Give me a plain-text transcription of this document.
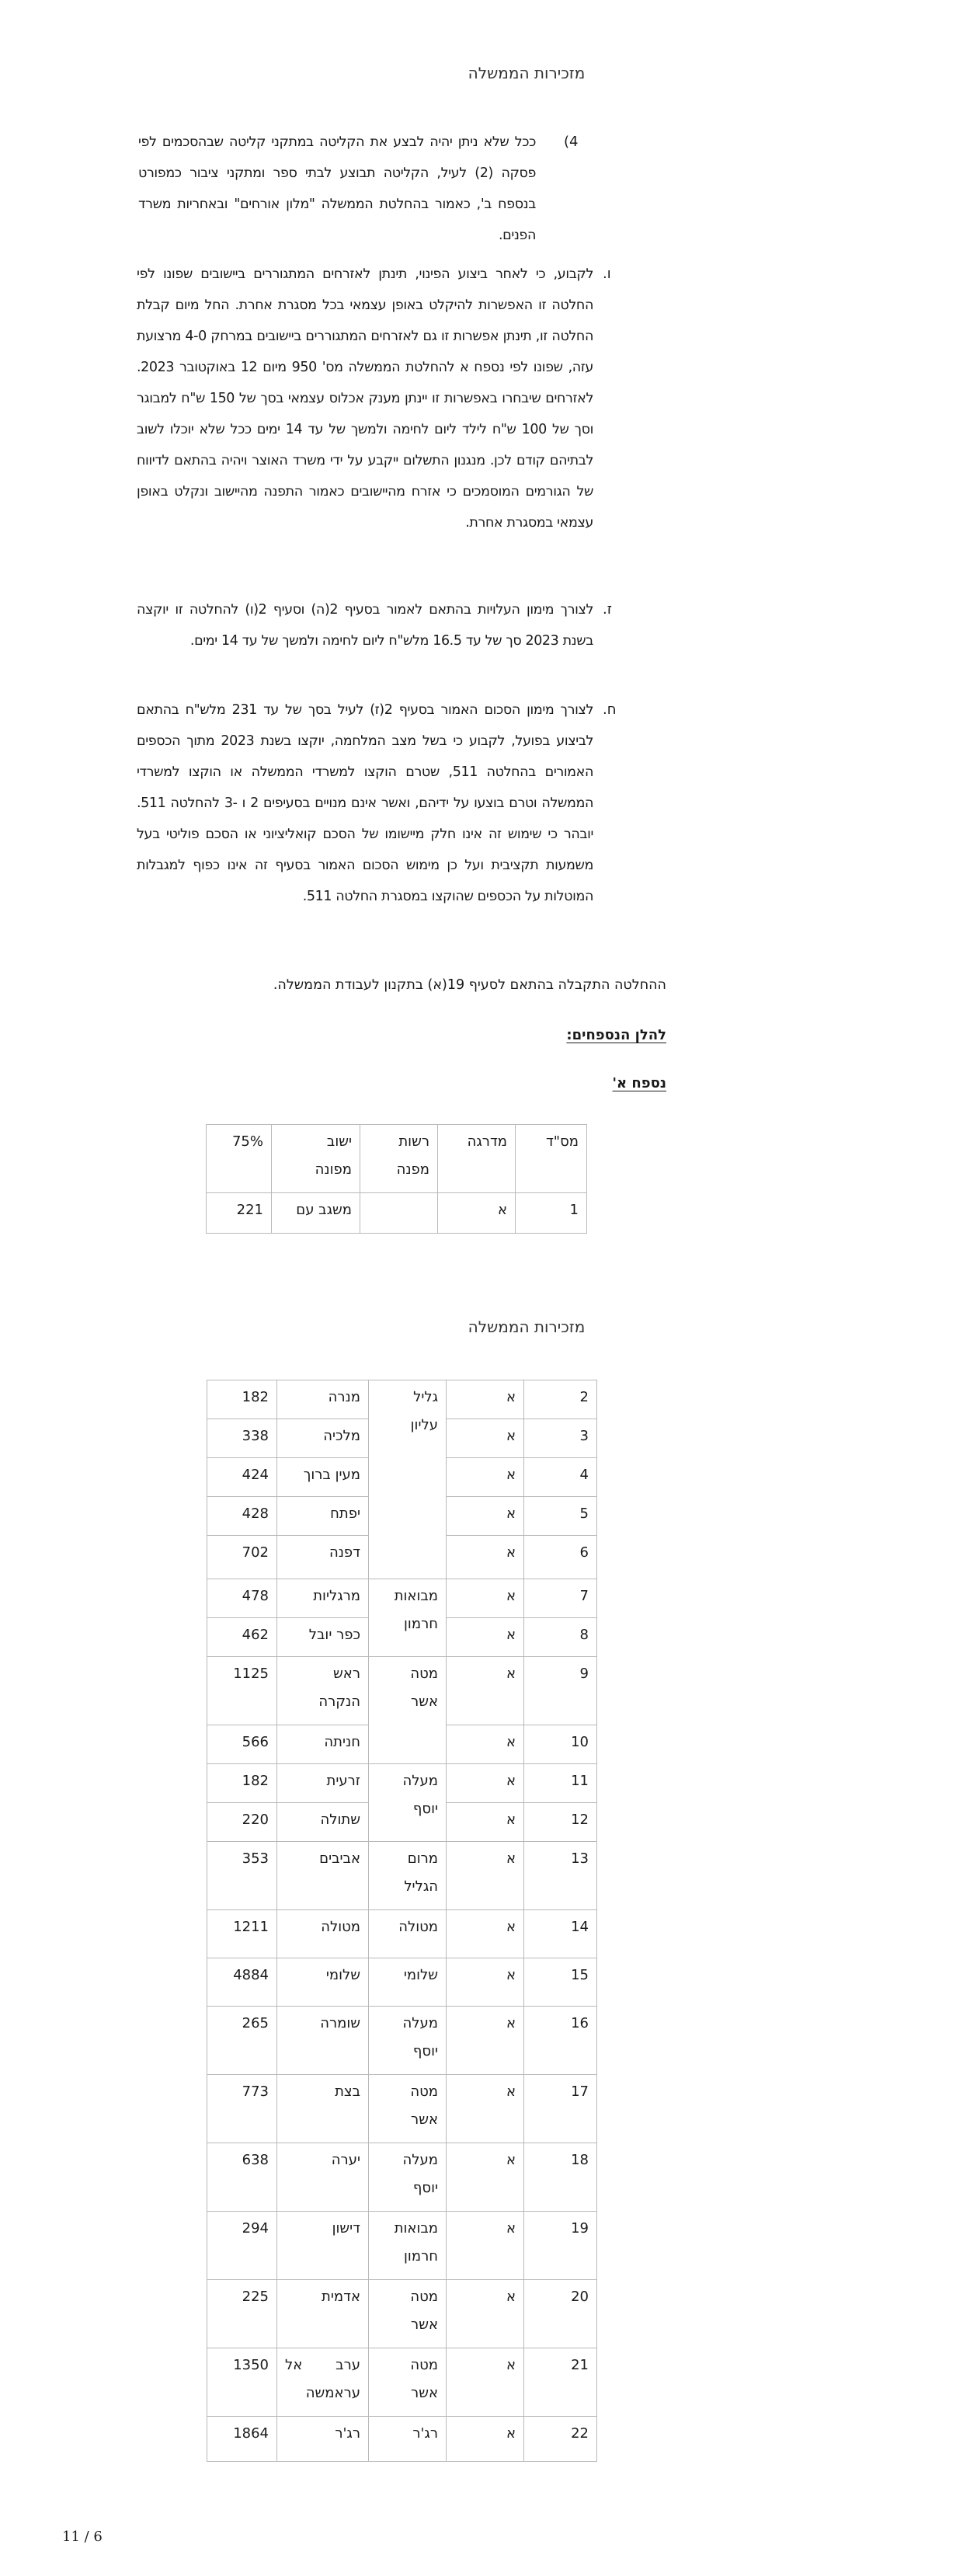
מזכירות הממשלה
4)
ככל שלא ניתן יהיה לבצע את הקליטה במתקני קליטה שבהסכמים לפי פסקה (2) לעיל, הקליטה תבוצע לבתי ספר ומתקני ציבור כמפורט בנספח ב', כאמור בהחלטת הממשלה "מלון אורחים" ובאחריות משרד הפנים.
ו.
לקבוע, כי לאחר ביצוע הפינוי, תינתן לאזרחים המתגוררים ביישובים שפונו לפי החלטה זו האפשרות להיקלט באופן עצמאי בכל מסגרת אחרת. החל מיום קבלת החלטה זו, תינתן אפשרות זו גם לאזרחים המתגוררים ביישובים במרחק 4-0 מרצועת עזה, שפונו לפי נספח א להחלטת הממשלה מס' 950 מיום 12 באוקטובר 2023. לאזרחים שיבחרו באפשרות זו יינתן מענק אכלוס עצמאי בסך של 150 ש"ח למבוגר וסך של 100 ש"ח לילד ליום לחימה ולמשך של עד 14 ימים ככל שלא יוכלו לשוב לבתיהם קודם לכן. מנגנון התשלום ייקבע על ידי משרד האוצר ויהיה בהתאם לדיווח של הגורמים המוסמכים כי אזרח מהיישובים כאמור התפנה מהיישוב ונקלט באופן עצמאי במסגרת אחרת.
ז.
לצורך מימון העלויות בהתאם לאמור בסעיף 2(ה) וסעיף 2(ו) להחלטה זו יוקצה בשנת 2023 סך של עד 16.5 מלש"ח ליום לחימה ולמשך של עד 14 ימים.
ח.
לצורך מימון הסכום האמור בסעיף 2(ז) לעיל בסך של עד 231 מלש"ח בהתאם לביצוע בפועל, לקבוע כי בשל מצב המלחמה, יוקצו בשנת 2023 מתוך הכספים האמורים בהחלטה 511, שטרם הוקצו למשרדי הממשלה או הוקצו למשרדי הממשלה וטרם בוצעו על ידיהם, ואשר אינם מנויים בסעיפים 2 ו -3 להחלטה 511. יובהר כי שימוש זה אינו חלק מיישומו של הסכם קואליציוני או הסכם פוליטי בעל משמעות תקציבית ועל כן מימוש הסכום האמור בסעיף זה אינו כפוף למגבלות המוטלות על הכספים שהוקצו במסגרת החלטה 511.
ההחלטה התקבלה בהתאם לסעיף 19(א) בתקנון לעבודת הממשלה.
להלן הנספחים:
נספח א'
מס"ד	מדרגה	רשות מפנה	ישוב מפונה	75%
1	א		משגב עם	221
מזכירות הממשלה
2	א	גליל עליון	מנרה	182
3	א		מלכיה	338
4	א		מעין ברוך	424
5	א		יפתח	428
6	א		דפנה	702
7	א	מבואות חרמון	מרגליות	478
8	א		כפר יובל	462
9	א	מטה אשר	ראש הנקרה	1125
10	א		חניתה	566
11	א	מעלה יוסף	זרעית	182
12	א		שתולה	220
13	א	מרום הגליל	אביבים	353
14	א	מטולה	מטולה	1211
15	א	שלומי	שלומי	4884
16	א	מעלה יוסף	שומרה	265
17	א	מטה אשר	בצת	773
18	א	מעלה יוסף	יערה	638
19	א	מבואות חרמון	דישון	294
20	א	מטה אשר	אדמית	225
21	א	מטה אשר	ערב אל עראמשה	1350
22	א	רג'ר	רג'ר	1864
11 / 6
